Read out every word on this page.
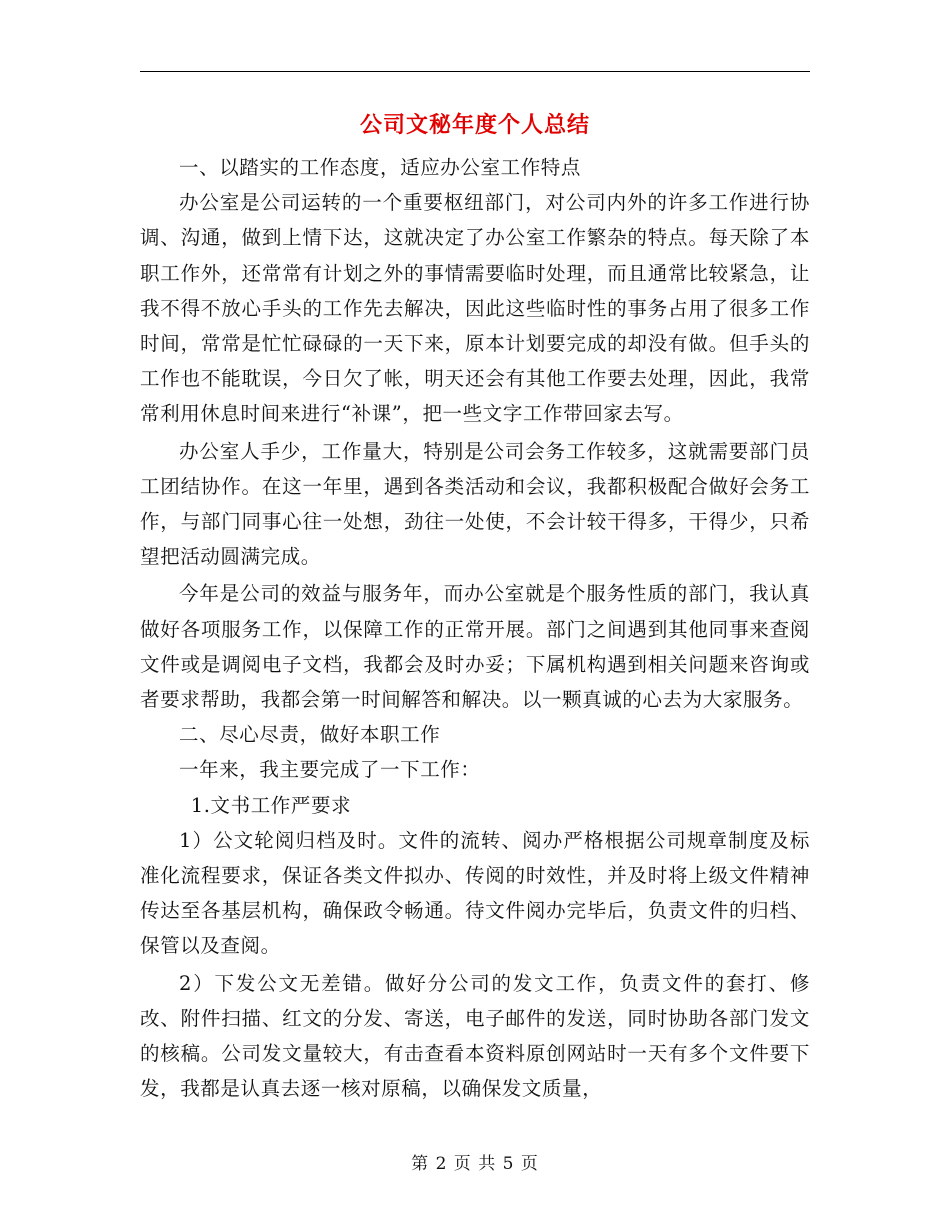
公司文秘年度个人总结

一、以踏实的工作态度，适应办公室工作特点

办公室是公司运转的一个重要枢纽部门，对公司内外的许多工作进行协调、沟通，做到上情下达，这就决定了办公室工作繁杂的特点。每天除了本职工作外，还常常有计划之外的事情需要临时处理，而且通常比较紧急，让我不得不放心手头的工作先去解决，因此这些临时性的事务占用了很多工作时间，常常是忙忙碌碌的一天下来，原本计划要完成的却没有做。但手头的工作也不能耽误，今日欠了帐，明天还会有其他工作要去处理，因此，我常常利用休息时间来进行“补课”，把一些文字工作带回家去写。

办公室人手少，工作量大，特别是公司会务工作较多，这就需要部门员工团结协作。在这一年里，遇到各类活动和会议，我都积极配合做好会务工作，与部门同事心往一处想，劲往一处使，不会计较干得多，干得少，只希望把活动圆满完成。

今年是公司的效益与服务年，而办公室就是个服务性质的部门，我认真做好各项服务工作，以保障工作的正常开展。部门之间遇到其他同事来查阅文件或是调阅电子文档，我都会及时办妥；下属机构遇到相关问题来咨询或者要求帮助，我都会第一时间解答和解决。以一颗真诚的心去为大家服务。

二、尽心尽责，做好本职工作

一年来，我主要完成了一下工作：

1.文书工作严要求

1）公文轮阅归档及时。文件的流转、阅办严格根据公司规章制度及标准化流程要求，保证各类文件拟办、传阅的时效性，并及时将上级文件精神传达至各基层机构，确保政令畅通。待文件阅办完毕后，负责文件的归档、保管以及查阅。

2）下发公文无差错。做好分公司的发文工作，负责文件的套打、修改、附件扫描、红文的分发、寄送，电子邮件的发送，同时协助各部门发文的核稿。公司发文量较大，有击查看本资料原创网站时一天有多个文件要下发，我都是认真去逐一核对原稿，以确保发文质量，

第 2 页 共 5 页
